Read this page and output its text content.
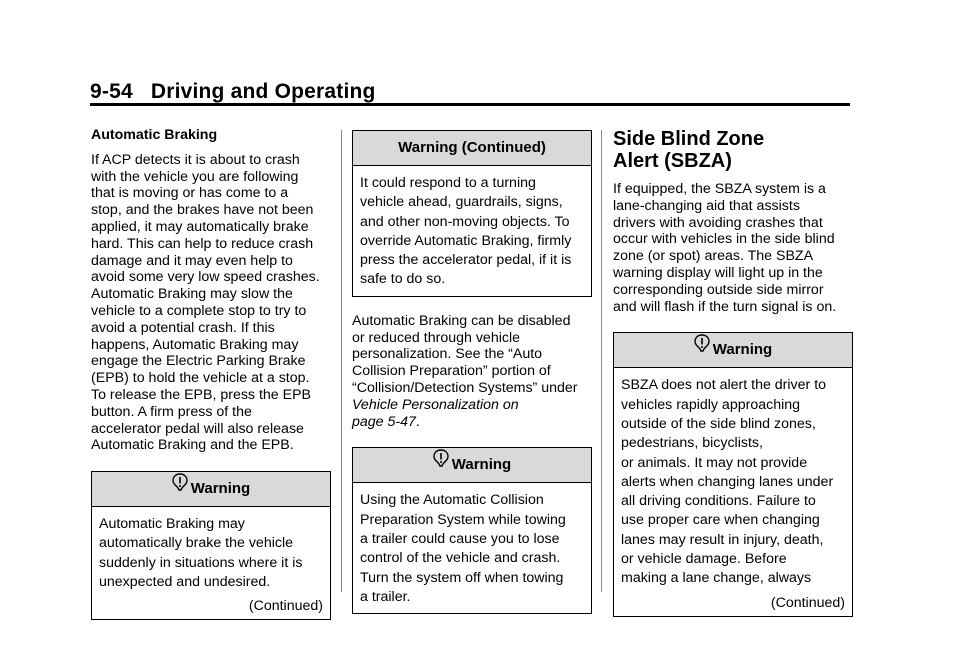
9-54 Driving and Operating

Automatic Braking

If ACP detects it is about to crash
with the vehicle you are following
that is moving or has come to a
stop, and the brakes have not been
applied, it may automatically brake
hard. This can help to reduce crash
damage and it may even help to
avoid some very low speed crashes.
Automatic Braking may slow the
vehicle to a complete stop to try to
avoid a potential crash. If this
happens, Automatic Braking may
engage the Electric Parking Brake
(EPB) to hold the vehicle at a stop.
To release the EPB, press the EPB
button. A firm press of the
accelerator pedal will also release
Automatic Braking and the EPB.

Warning
Automatic Braking may
automatically brake the vehicle
suddenly in situations where it is
unexpected and undesired.
(Continued)
Warning (Continued)
It could respond to a turning
vehicle ahead, guardrails, signs,
and other non-moving objects. To
override Automatic Braking, firmly
press the accelerator pedal, if it is
safe to do so.

Automatic Braking can be disabled
or reduced through vehicle
personalization. See the “Auto
Collision Preparation” portion of
“Collision/Detection Systems” under
Vehicle Personalization on
page 5-47.

Warning
Using the Automatic Collision
Preparation System while towing
a trailer could cause you to lose
control of the vehicle and crash.
Turn the system off when towing
a trailer.
Side Blind Zone
Alert (SBZA)

If equipped, the SBZA system is a
lane-changing aid that assists
drivers with avoiding crashes that
occur with vehicles in the side blind
zone (or spot) areas. The SBZA
warning display will light up in the
corresponding outside side mirror
and will flash if the turn signal is on.

Warning
SBZA does not alert the driver to
vehicles rapidly approaching
outside of the side blind zones,
pedestrians, bicyclists,
or animals. It may not provide
alerts when changing lanes under
all driving conditions. Failure to
use proper care when changing
lanes may result in injury, death,
or vehicle damage. Before
making a lane change, always
(Continued)
